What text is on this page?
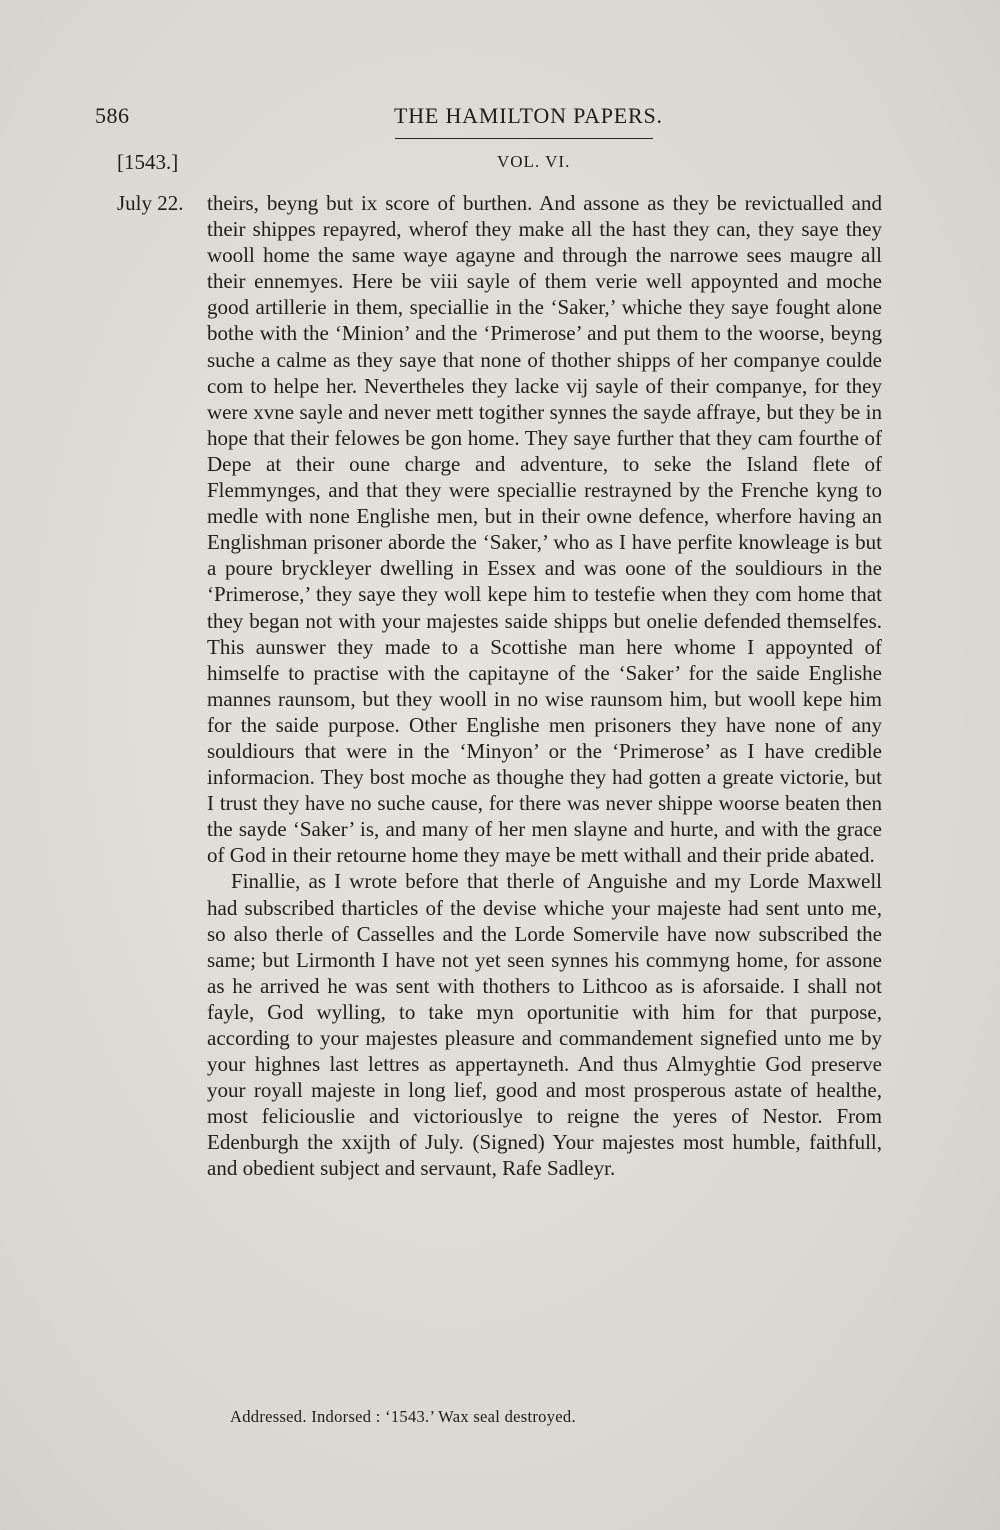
586	THE HAMILTON PAPERS.
[1543.]	VOL. VI.
July 22. theirs, beyng but ix score of burthen. And assone as they be revictualled and their shippes repayred, wherof they make all the hast they can, they saye they wooll home the same waye agayne and through the narrowe sees maugre all their ennemyes. Here be viii sayle of them verie well appoynted and moche good artillerie in them, speciallie in the ‘Saker,’ whiche they saye fought alone bothe with the ‘Minion’ and the ‘Primerose’ and put them to the woorse, beyng suche a calme as they saye that none of thother shipps of her companye coulde com to helpe her. Nevertheles they lacke vij sayle of their companye, for they were xvne sayle and never mett togither synnes the sayde affraye, but they be in hope that their felowes be gon home. They saye further that they cam fourthe of Depe at their oune charge and adventure, to seke the Island flete of Flemmynges, and that they were speciallie restrayned by the Frenche kyng to medle with none Englishe men, but in their owne defence, wherfore having an Englishman prisoner aborde the ‘Saker,’ who as I have perfite knowleage is but a poure bryckleyer dwelling in Essex and was oone of the souldiours in the ‘Primerose,’ they saye they woll kepe him to testefie when they com home that they began not with your majestes saide shipps but onelie defended themselfes. This aunswer they made to a Scottishe man here whome I appoynted of himselfe to practise with the capitayne of the ‘Saker’ for the saide Englishe mannes raunsom, but they wooll in no wise raunsom him, but wooll kepe him for the saide purpose. Other Englishe men prisoners they have none of any souldiours that were in the ‘Minyon’ or the ‘Primerose’ as I have credible informacion. They bost moche as thoughe they had gotten a greate victorie, but I trust they have no suche cause, for there was never shippe woorse beaten then the sayde ‘Saker’ is, and many of her men slayne and hurte, and with the grace of God in their retourne home they maye be mett withall and their pride abated.

Finallie, as I wrote before that therle of Anguishe and my Lorde Maxwell had subscribed tharticles of the devise whiche your majeste had sent unto me, so also therle of Casselles and the Lorde Somervile have now subscribed the same; but Lirmonth I have not yet seen synnes his commyng home, for assone as he arrived he was sent with thothers to Lithcoo as is aforsaide. I shall not fayle, God wylling, to take myn oportunitie with him for that purpose, according to your majestes pleasure and commandement signefied unto me by your highnes last lettres as appertayneth. And thus Almyghtie God preserve your royall majeste in long lief, good and most prosperous astate of healthe, most feliciouslie and victoriouslye to reigne the yeres of Nestor. From Edenburgh the xxijth of July. (Signed) Your majestes most humble, faithfull, and obedient subject and servaunt, Rafe Sadleyr.

Addressed. Indorsed : ‘1543.’ Wax seal destroyed.
